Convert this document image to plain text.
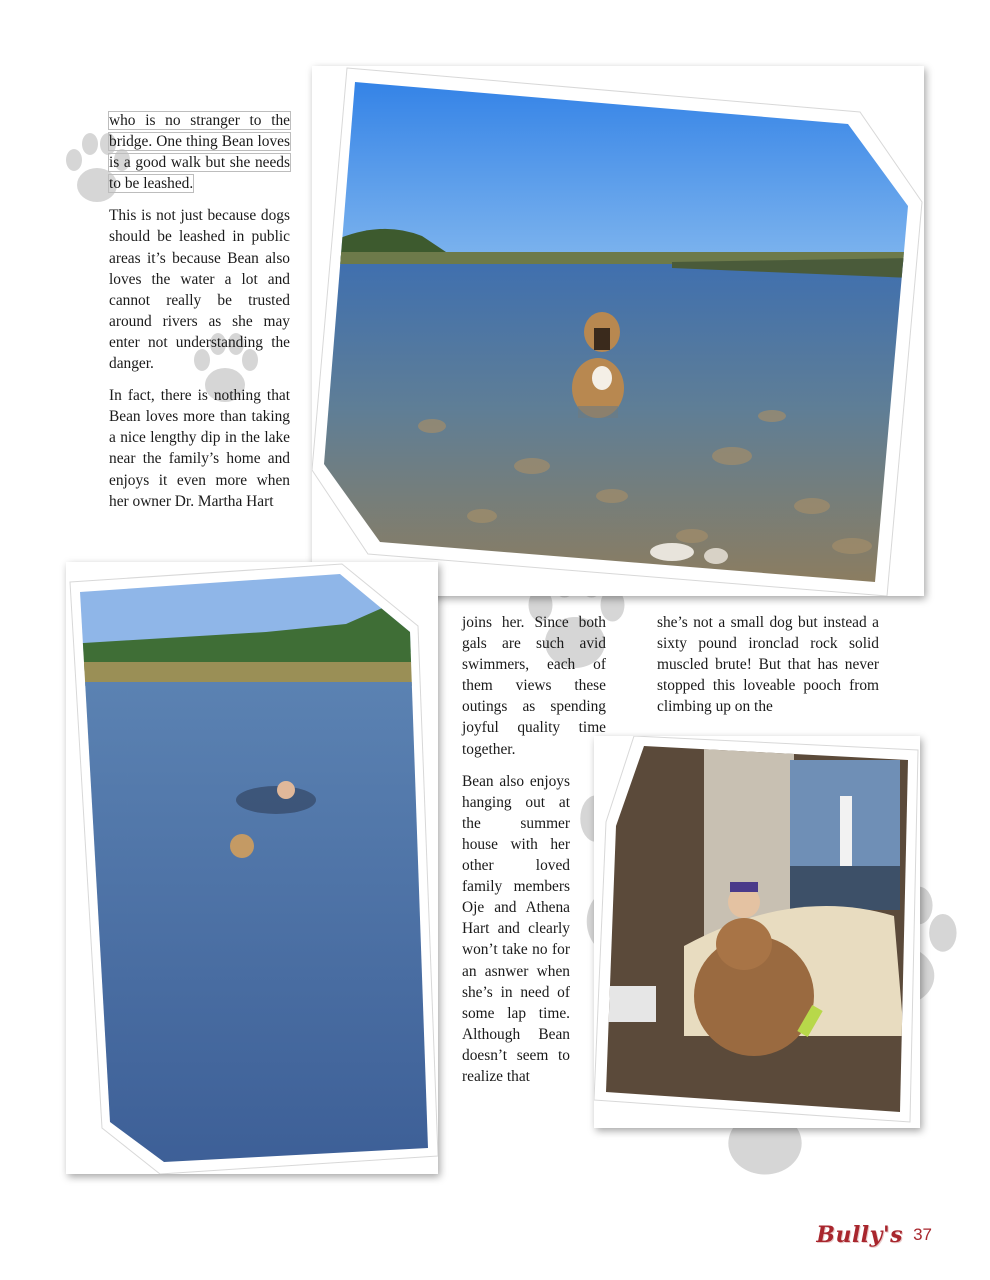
who is no stranger to the bridge. One thing Bean loves is a good walk but she needs to be leashed.

This is not just because dogs should be leashed in public areas it’s because Bean also loves the water a lot and cannot really be trusted around rivers as she may enter not understanding the danger.

In fact, there is nothing that Bean loves more than taking a nice lengthy dip in the lake near the family’s home and enjoys it even more when her owner Dr. Martha Hart

joins her. Since both gals are such avid swimmers, each of them views these outings as spending joyful quality time together.

Bean also enjoys hanging out at the summer house with her other loved family members Oje and Athena Hart and clearly won’t take no for an asnwer when she’s in need of some lap time. Although Bean doesn’t seem to realize that

she’s not a small dog but instead a sixty pound ironclad rock solid muscled brute! But that has never stopped this loveable pooch from climbing up on the

Bully's 37
